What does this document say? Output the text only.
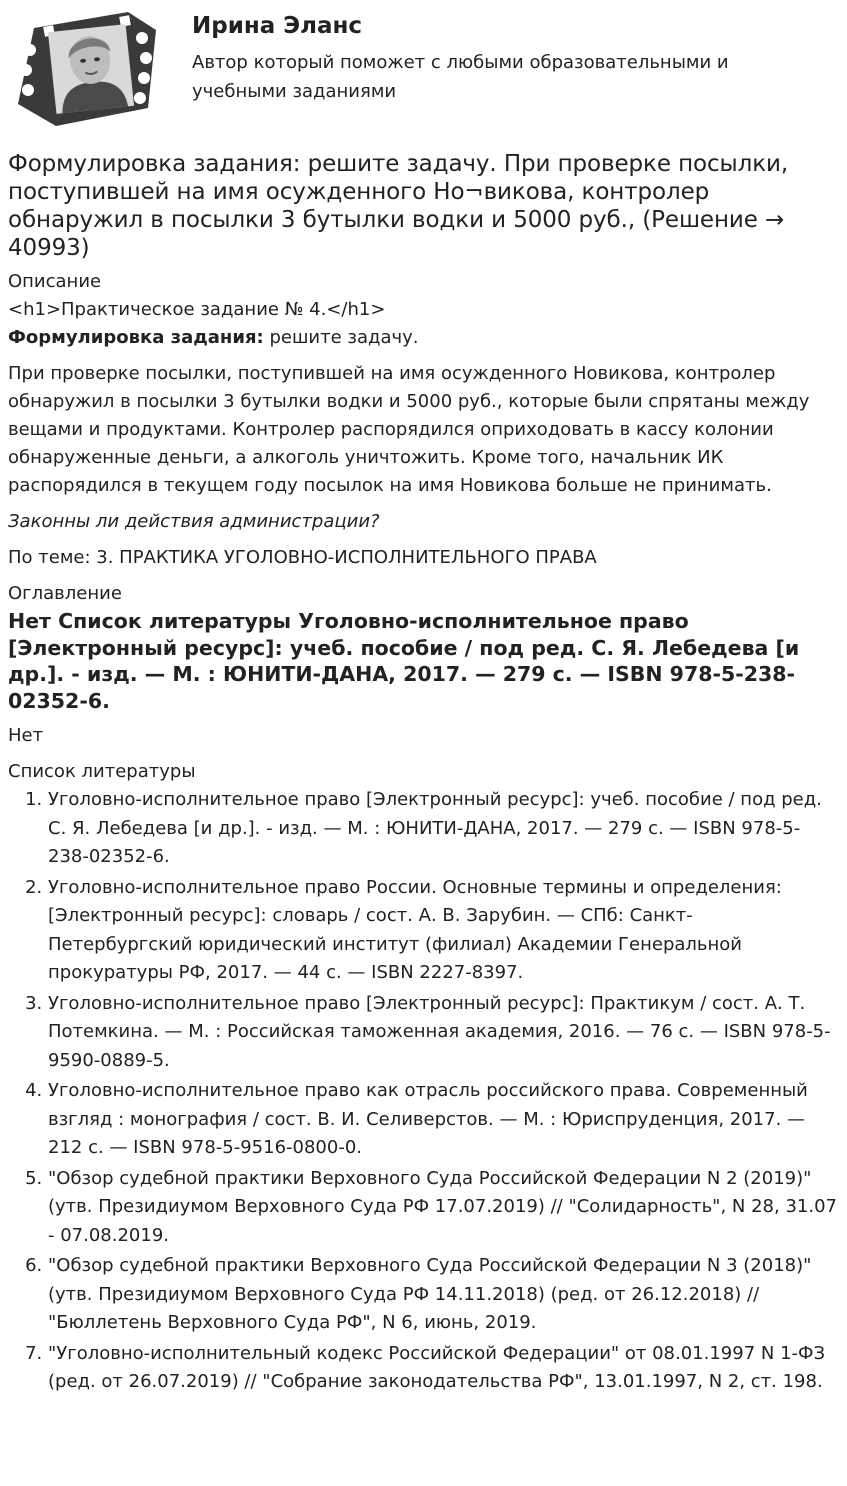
Ирина Эланс

Автор который поможет с любыми образовательными и учебными заданиями

Формулировка задания: решите задачу. При проверке посылки, поступившей на имя осужденного Но¬викова, контролер обнаружил в посылки 3 бутылки водки и 5000 руб., (Решение → 40993)

Описание

<h1>Практическое задание № 4.</h1>

Формулировка задания: решите задачу.

При проверке посылки, поступившей на имя осужденного Новикова, контролер обнаружил в посылки 3 бутылки водки и 5000 руб., которые были спрятаны между вещами и продуктами. Контролер распорядился оприходовать в кассу колонии обнаруженные деньги, а алкоголь уничтожить. Кроме того, начальник ИК распорядился в текущем году посылок на имя Новикова больше не принимать.

Законны ли действия администрации?

По теме: 3. ПРАКТИКА УГОЛОВНО-ИСПОЛНИТЕЛЬНОГО ПРАВА

Оглавление

Нет Список литературы Уголовно-исполнительное право [Электронный ресурс]: учеб. пособие / под ред. С. Я. Лебедева [и др.]. - изд. — М. : ЮНИТИ-ДАНА, 2017. — 279 с. — ISBN 978-5-238-02352-6.

Нет

Список литературы

1. Уголовно-исполнительное право [Электронный ресурс]: учеб. пособие / под ред. С. Я. Лебедева [и др.]. - изд. — М. : ЮНИТИ-ДАНА, 2017. — 279 с. — ISBN 978-5-238-02352-6.
2. Уголовно-исполнительное право России. Основные термины и определения: [Электронный ресурс]: словарь / сост. А. В. Зарубин. — СПб: Санкт-Петербургский юридический институт (филиал) Академии Генеральной прокуратуры РФ, 2017. — 44 с. — ISBN 2227-8397.
3. Уголовно-исполнительное право [Электронный ресурс]: Практикум / сост. А. Т. Потемкина. — М. : Российская таможенная академия, 2016. — 76 с. — ISBN 978-5-9590-0889-5.
4. Уголовно-исполнительное право как отрасль российского права. Современный взгляд : монография / сост. В. И. Селиверстов. — М. : Юриспруденция, 2017. — 212 с. — ISBN 978-5-9516-0800-0.
5. "Обзор судебной практики Верховного Суда Российской Федерации N 2 (2019)" (утв. Президиумом Верховного Суда РФ 17.07.2019) // "Солидарность", N 28, 31.07 - 07.08.2019.
6. "Обзор судебной практики Верховного Суда Российской Федерации N 3 (2018)" (утв. Президиумом Верховного Суда РФ 14.11.2018) (ред. от 26.12.2018) // "Бюллетень Верховного Суда РФ", N 6, июнь, 2019.
7. "Уголовно-исполнительный кодекс Российской Федерации" от 08.01.1997 N 1-ФЗ (ред. от 26.07.2019) // "Собрание законодательства РФ", 13.01.1997, N 2, ст. 198.
